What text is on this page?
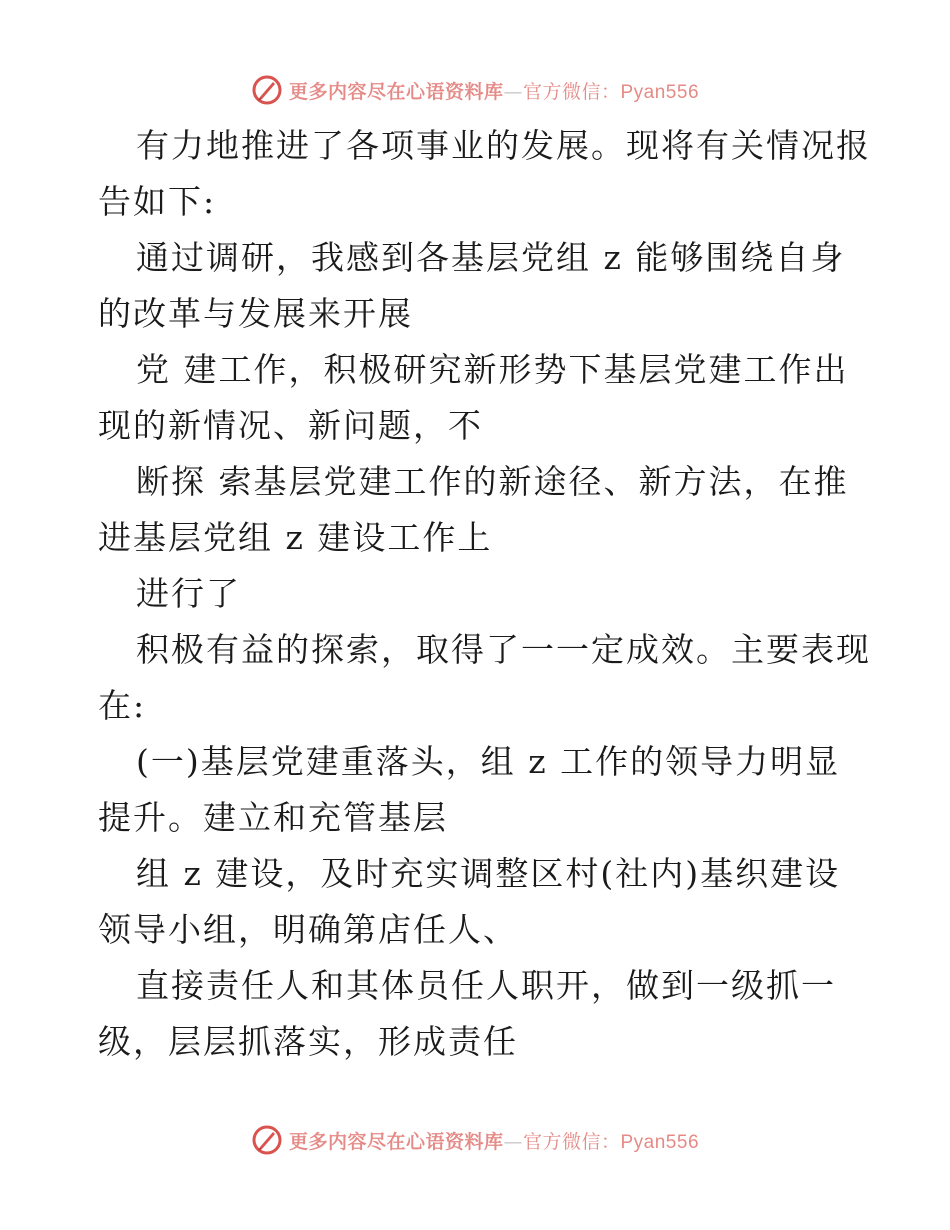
更多内容尽在心语资料库—官方微信：Pyan556
有力地推进了各项事业的发展。现将有关情况报
告如下:
通过调研，我感到各基层党组 z 能够围绕自身
的改革与发展来开展
党 建工作，积极研究新形势下基层党建工作出
现的新情况、新问题，不
断探 索基层党建工作的新途径、新方法，在推
进基层党组 z 建设工作上
进行了
积极有益的探索，取得了一一定成效。主要表现
在:
(一)基层党建重落头，组 z 工作的领导力明显
提升。建立和充管基层
组 z 建设，及时充实调整区村(社内)基织建设
领导小组，明确第店任人、
直接责任人和其体员任人职开，做到一级抓一
级，层层抓落实，形成责任
更多内容尽在心语资料库—官方微信：Pyan556
